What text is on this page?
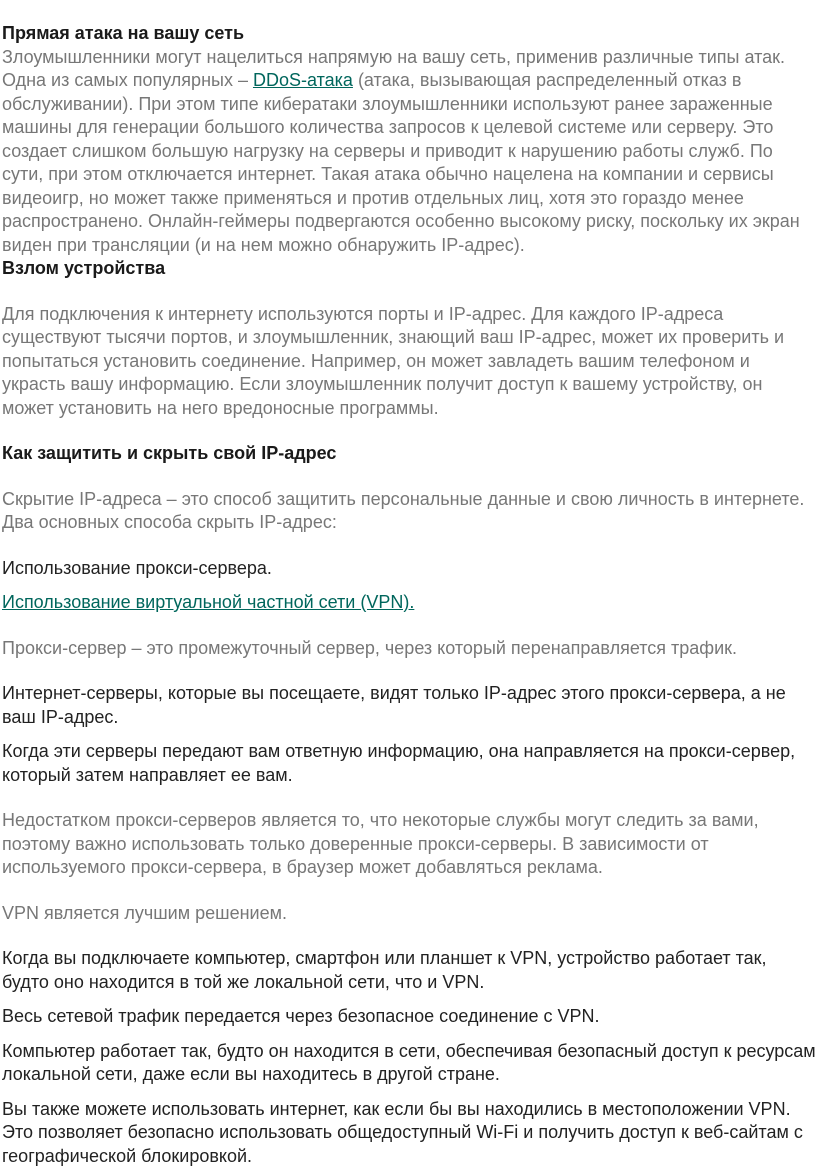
Прямая атака на вашу сеть

Злоумышленники могут нацелиться напрямую на вашу сеть, применив различные типы атак. Одна из самых популярных – DDoS-атака (атака, вызывающая распределенный отказ в обслуживании). При этом типе кибератаки злоумышленники используют ранее зараженные машины для генерации большого количества запросов к целевой системе или серверу. Это создает слишком большую нагрузку на серверы и приводит к нарушению работы служб. По сути, при этом отключается интернет. Такая атака обычно нацелена на компании и сервисы видеоигр, но может также применяться и против отдельных лиц, хотя это гораздо менее распространено. Онлайн-геймеры подвергаются особенно высокому риску, поскольку их экран виден при трансляции (и на нем можно обнаружить IP-адрес).

Взлом устройства

Для подключения к интернету используются порты и IP-адрес. Для каждого IP-адреса существуют тысячи портов, и злоумышленник, знающий ваш IP-адрес, может их проверить и попытаться установить соединение. Например, он может завладеть вашим телефоном и украсть вашу информацию. Если злоумышленник получит доступ к вашему устройству, он может установить на него вредоносные программы.

Как защитить и скрыть свой IP-адрес

Скрытие IP-адреса – это способ защитить персональные данные и свою личность в интернете. Два основных способа скрыть IP-адрес:

Использование прокси-сервера.

Использование виртуальной частной сети (VPN).

Прокси-сервер – это промежуточный сервер, через который перенаправляется трафик.

Интернет-серверы, которые вы посещаете, видят только IP-адрес этого прокси-сервера, а не ваш IP-адрес.

Когда эти серверы передают вам ответную информацию, она направляется на прокси-сервер, который затем направляет ее вам.

Недостатком прокси-серверов является то, что некоторые службы могут следить за вами, поэтому важно использовать только доверенные прокси-серверы. В зависимости от используемого прокси-сервера, в браузер может добавляться реклама.

VPN является лучшим решением.

Когда вы подключаете компьютер, смартфон или планшет к VPN, устройство работает так, будто оно находится в той же локальной сети, что и VPN.

Весь сетевой трафик передается через безопасное соединение с VPN.

Компьютер работает так, будто он находится в сети, обеспечивая безопасный доступ к ресурсам локальной сети, даже если вы находитесь в другой стране.

Вы также можете использовать интернет, как если бы вы находились в местоположении VPN. Это позволяет безопасно использовать общедоступный Wi-Fi и получить доступ к веб-сайтам с географической блокировкой.
